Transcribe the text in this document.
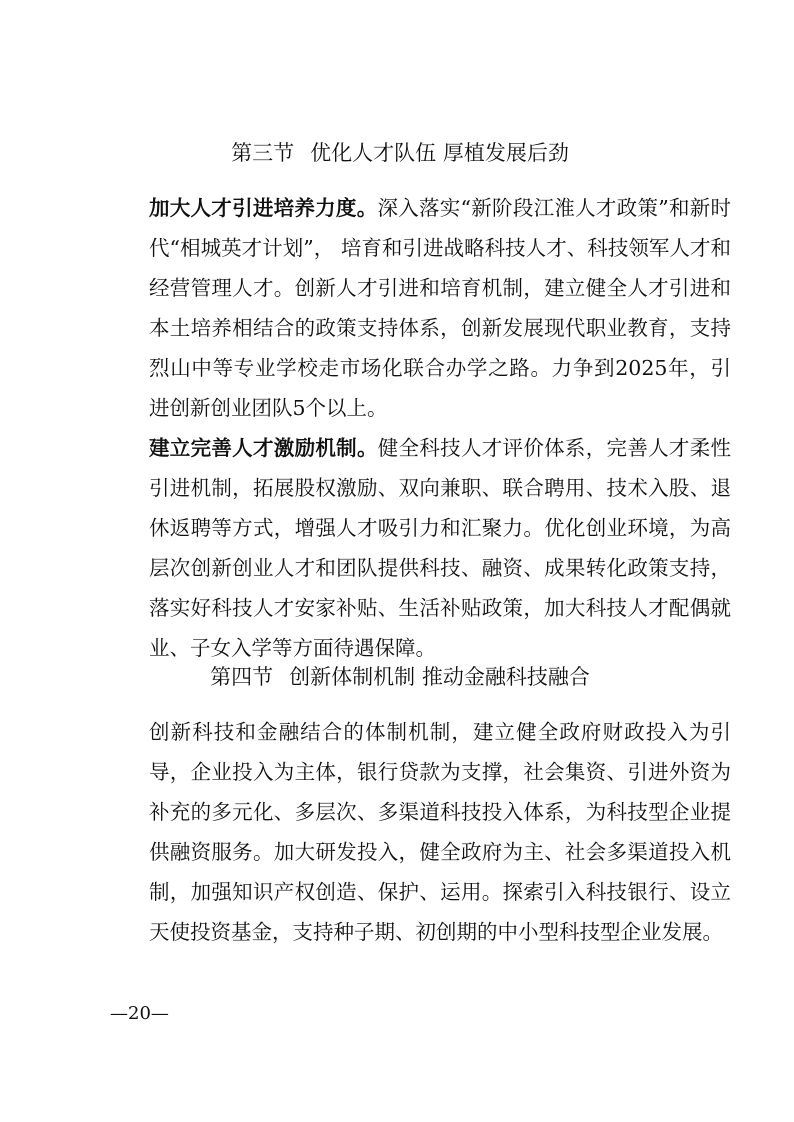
第三节 优化人才队伍 厚植发展后劲
加大人才引进培养力度。深入落实“新阶段江淮人才政策”和新时代“相城英才计划”， 培育和引进战略科技人才、科技领军人才和经营管理人才。创新人才引进和培育机制，建立健全人才引进和本土培养相结合的政策支持体系，创新发展现代职业教育，支持烈山中等专业学校走市场化联合办学之路。力争到2025年，引进创新创业团队5个以上。
建立完善人才激励机制。健全科技人才评价体系，完善人才柔性引进机制，拓展股权激励、双向兼职、联合聘用、技术入股、退休返聘等方式，增强人才吸引力和汇聚力。优化创业环境，为高层次创新创业人才和团队提供科技、融资、成果转化政策支持，落实好科技人才安家补贴、生活补贴政策，加大科技人才配偶就业、子女入学等方面待遇保障。
第四节 创新体制机制 推动金融科技融合
创新科技和金融结合的体制机制，建立健全政府财政投入为引导，企业投入为主体，银行贷款为支撑，社会集资、引进外资为补充的多元化、多层次、多渠道科技投入体系，为科技型企业提供融资服务。加大研发投入，健全政府为主、社会多渠道投入机制，加强知识产权创造、保护、运用。探索引入科技银行、设立天使投资基金，支持种子期、初创期的中小型科技型企业发展。
—20—
